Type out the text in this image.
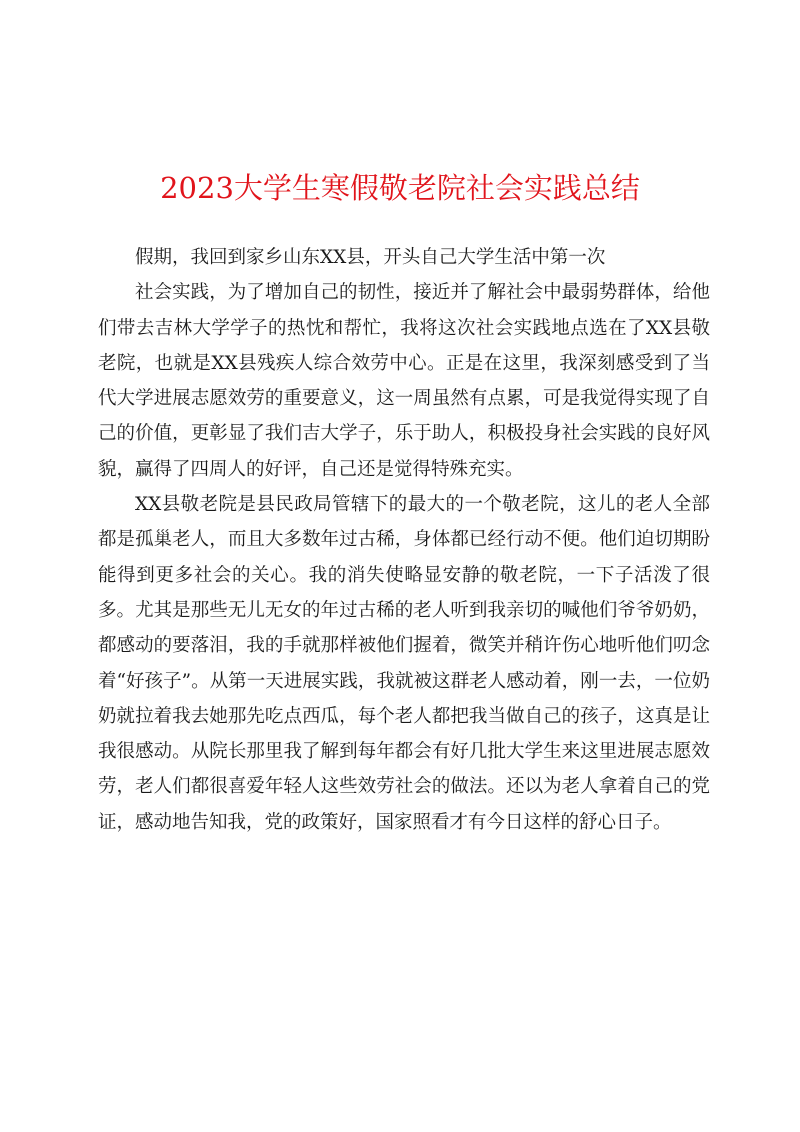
2023大学生寒假敬老院社会实践总结

假期，我回到家乡山东XX县，开头自己大学生活中第一次

社会实践，为了增加自己的韧性，接近并了解社会中最弱势群体，给他们带去吉林大学学子的热忱和帮忙，我将这次社会实践地点选在了XX县敬老院，也就是XX县残疾人综合效劳中心。正是在这里，我深刻感受到了当代大学进展志愿效劳的重要意义，这一周虽然有点累，可是我觉得实现了自己的价值，更彰显了我们吉大学子，乐于助人，积极投身社会实践的良好风貌，赢得了四周人的好评，自己还是觉得特殊充实。

XX县敬老院是县民政局管辖下的最大的一个敬老院，这儿的老人全部都是孤巢老人，而且大多数年过古稀，身体都已经行动不便。他们迫切期盼能得到更多社会的关心。我的消失使略显安静的敬老院，一下子活泼了很多。尤其是那些无儿无女的年过古稀的老人听到我亲切的喊他们爷爷奶奶，都感动的要落泪，我的手就那样被他们握着，微笑并稍许伤心地听他们叨念着“好孩子”。从第一天进展实践，我就被这群老人感动着，刚一去，一位奶奶就拉着我去她那先吃点西瓜，每个老人都把我当做自己的孩子，这真是让我很感动。从院长那里我了解到每年都会有好几批大学生来这里进展志愿效劳，老人们都很喜爱年轻人这些效劳社会的做法。还以为老人拿着自己的党证，感动地告知我，党的政策好，国家照看才有今日这样的舒心日子。
